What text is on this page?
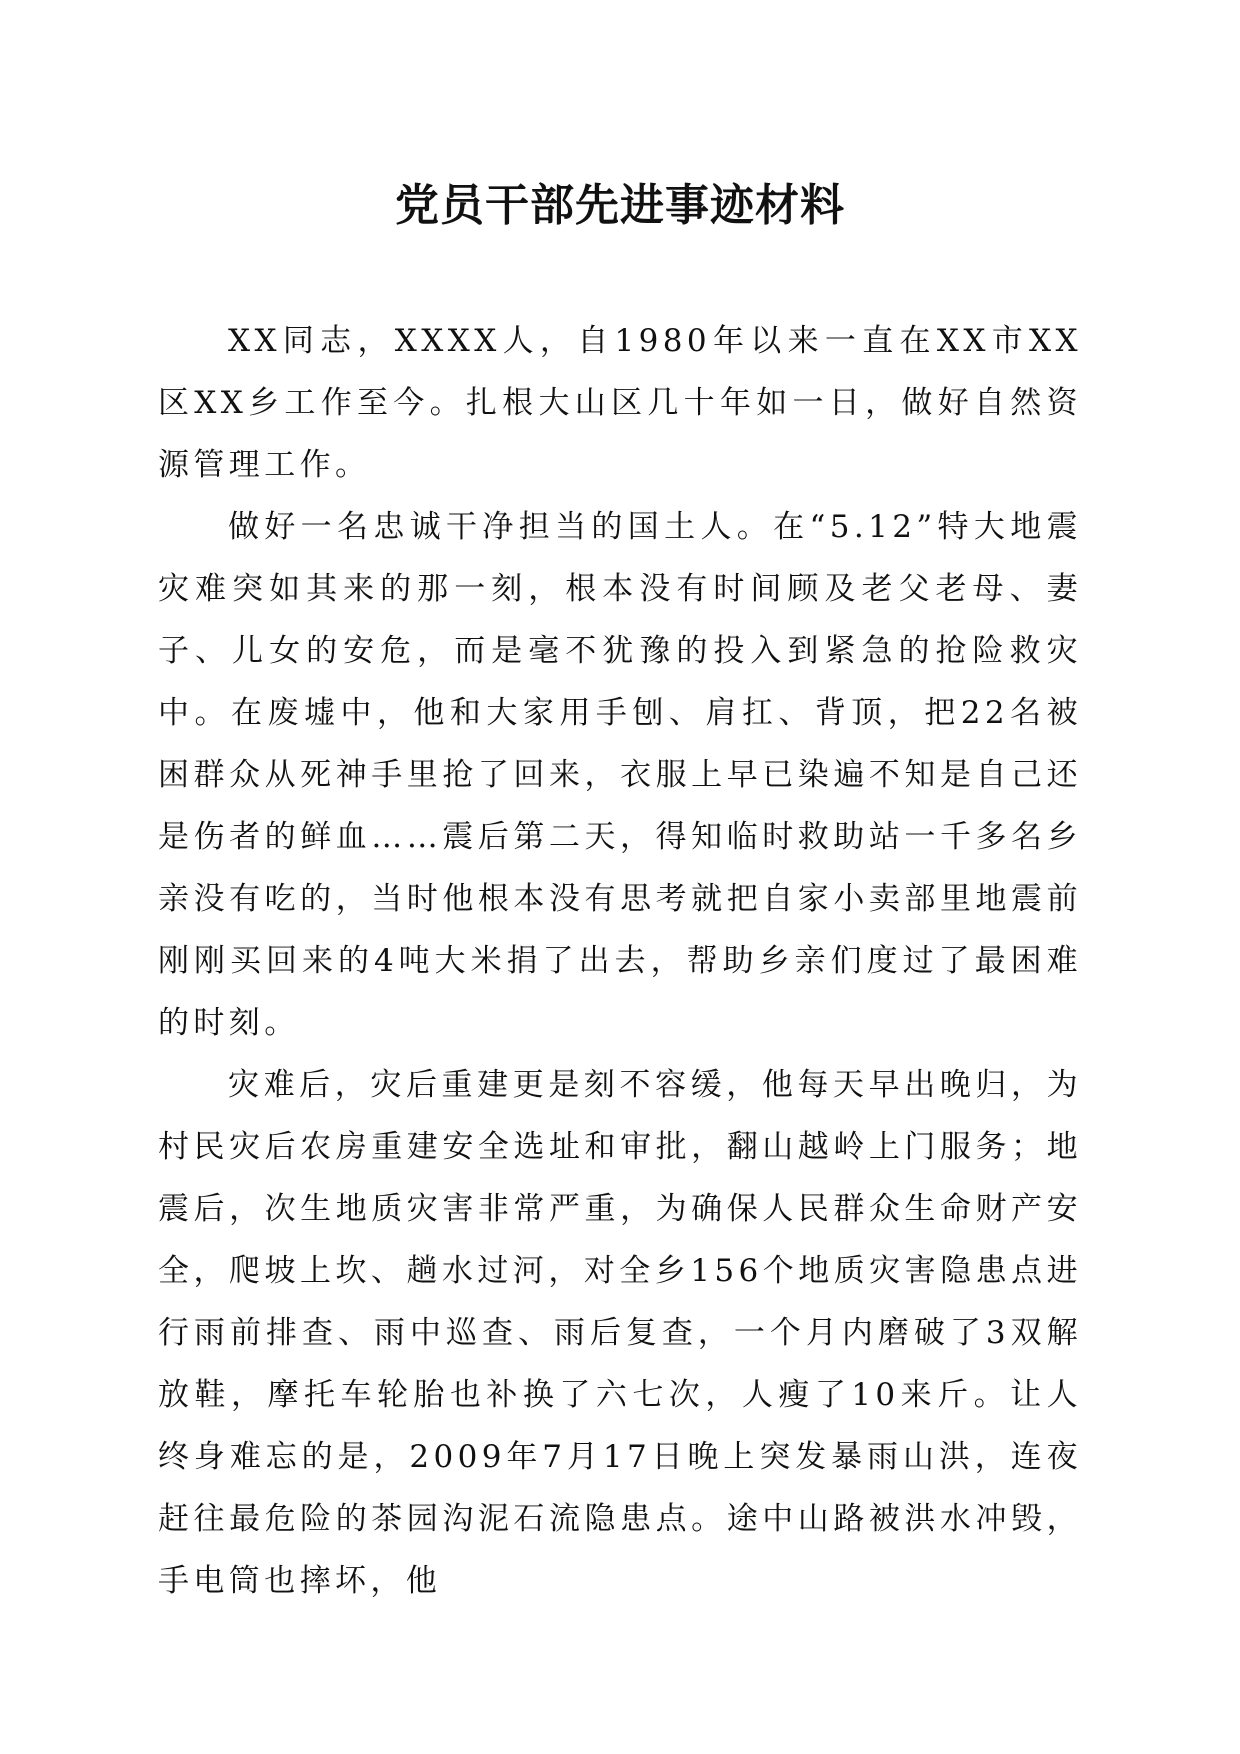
党员干部先进事迹材料

XX同志，XXXX人，自1980年以来一直在XX市XX区XX乡工作至今。扎根大山区几十年如一日，做好自然资源管理工作。

做好一名忠诚干净担当的国土人。在“5.12”特大地震灾难突如其来的那一刻，根本没有时间顾及老父老母、妻子、儿女的安危，而是毫不犹豫的投入到紧急的抢险救灾中。在废墟中，他和大家用手刨、肩扛、背顶，把22名被困群众从死神手里抢了回来，衣服上早已染遍不知是自己还是伤者的鲜血……震后第二天，得知临时救助站一千多名乡亲没有吃的，当时他根本没有思考就把自家小卖部里地震前刚刚买回来的4吨大米捐了出去，帮助乡亲们度过了最困难的时刻。

灾难后，灾后重建更是刻不容缓，他每天早出晚归，为村民灾后农房重建安全选址和审批，翻山越岭上门服务；地震后，次生地质灾害非常严重，为确保人民群众生命财产安全，爬坡上坎、趟水过河，对全乡156个地质灾害隐患点进行雨前排查、雨中巡查、雨后复查，一个月内磨破了3双解放鞋，摩托车轮胎也补换了六七次，人瘦了10来斤。让人终身难忘的是，2009年7月17日晚上突发暴雨山洪，连夜赶往最危险的茶园沟泥石流隐患点。途中山路被洪水冲毁，手电筒也摔坏，他
